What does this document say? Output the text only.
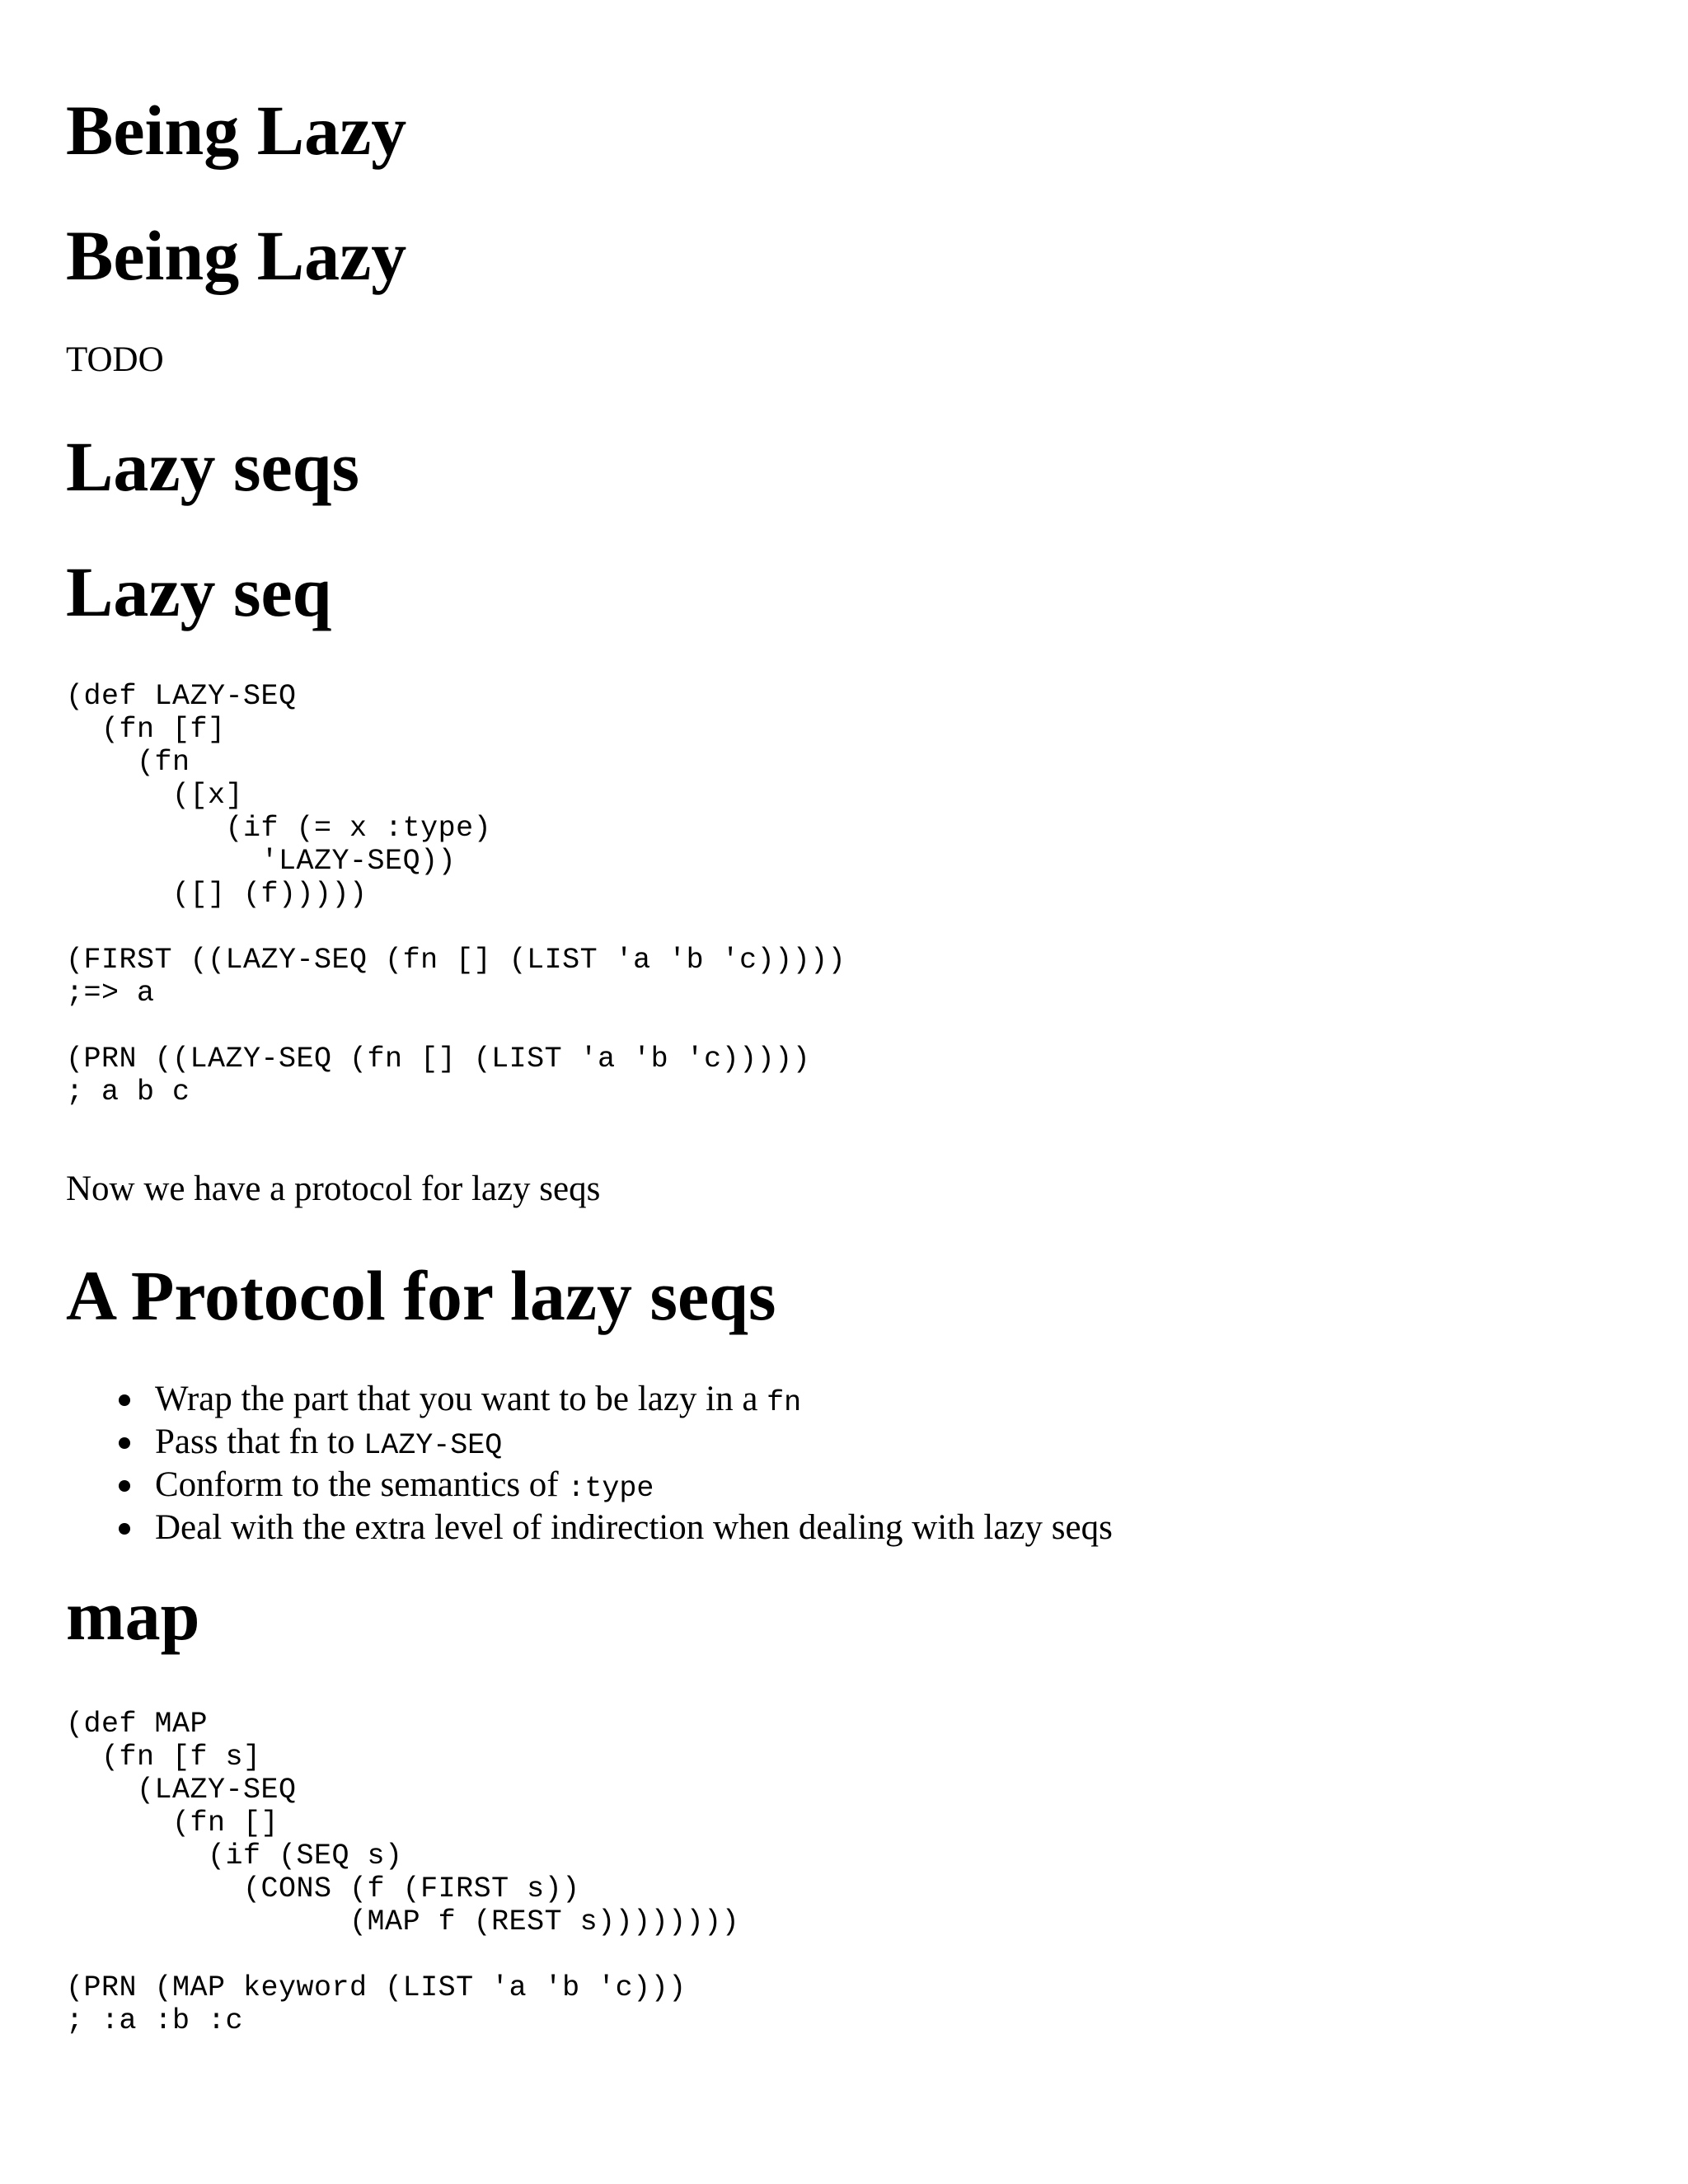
Being Lazy
Being Lazy

TODO

Lazy seqs
Lazy seq
(def LAZY-SEQ
(fn [f]
(fn
([x]
(if (= x :type)
'LAZY-SEQ))
([] (f)))))

(FIRST ((LAZY-SEQ (fn [] (LIST 'a 'b 'c)))))
;=> a

(PRN ((LAZY-SEQ (fn [] (LIST 'a 'b 'c)))))
; a b c

Now we have a protocol for lazy seqs

A Protocol for lazy seqs
Wrap the part that you want to be lazy in a fn
Pass that fn to LAZY-SEQ
Conform to the semantics of :type
Deal with the extra level of indirection when dealing with lazy seqs
map
(def MAP
(fn [f s]
(LAZY-SEQ
(fn []
(if (SEQ s)
(CONS (f (FIRST s))
(MAP f (REST s))))))))

(PRN (MAP keyword (LIST 'a 'b 'c)))
; :a :b :c
